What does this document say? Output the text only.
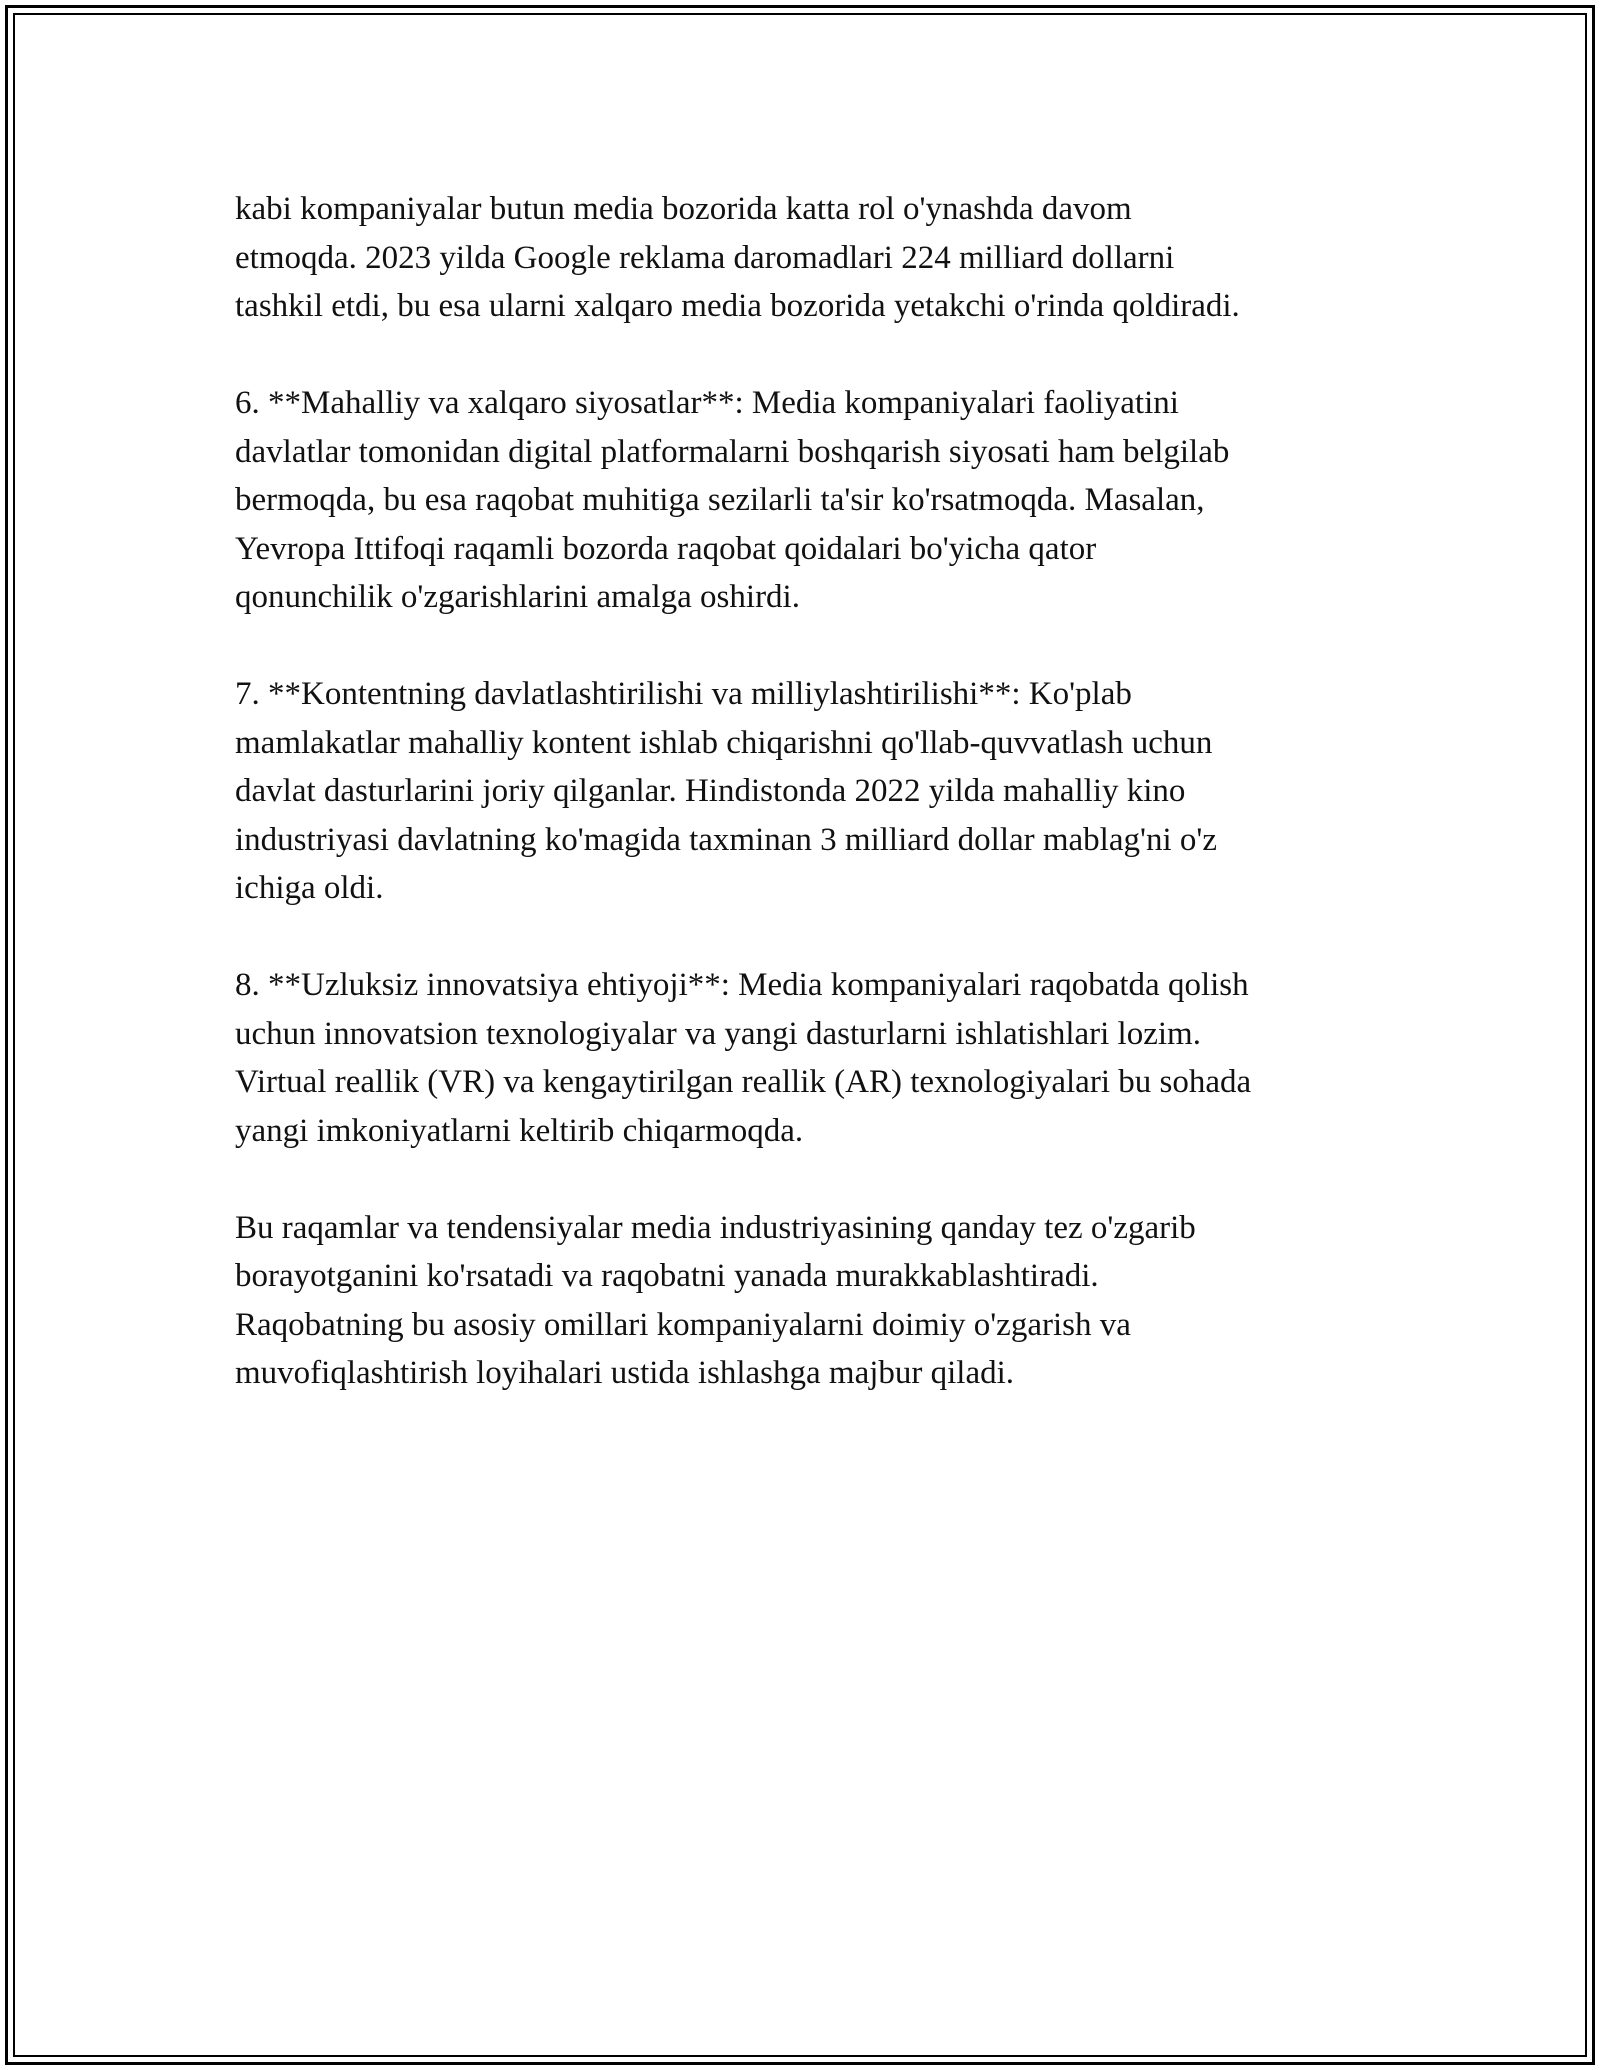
kabi kompaniyalar butun media bozorida katta rol o'ynashda davom
etmoqda. 2023 yilda Google reklama daromadlari 224 milliard dollarni
tashkil etdi, bu esa ularni xalqaro media bozorida yetakchi o'rinda qoldiradi.

6. **Mahalliy va xalqaro siyosatlar**: Media kompaniyalari faoliyatini
davlatlar tomonidan digital platformalarni boshqarish siyosati ham belgilab
bermoqda, bu esa raqobat muhitiga sezilarli ta'sir ko'rsatmoqda. Masalan,
Yevropa Ittifoqi raqamli bozorda raqobat qoidalari bo'yicha qator
qonunchilik o'zgarishlarini amalga oshirdi.

7. **Kontentning davlatlashtirilishi va milliylashtirilishi**: Ko'plab
mamlakatlar mahalliy kontent ishlab chiqarishni qo'llab-quvvatlash uchun
davlat dasturlarini joriy qilganlar. Hindistonda 2022 yilda mahalliy kino
industriyasi davlatning ko'magida taxminan 3 milliard dollar mablag'ni o'z
ichiga oldi.

8. **Uzluksiz innovatsiya ehtiyoji**: Media kompaniyalari raqobatda qolish
uchun innovatsion texnologiyalar va yangi dasturlarni ishlatishlari lozim.
Virtual reallik (VR) va kengaytirilgan reallik (AR) texnologiyalari bu sohada
yangi imkoniyatlarni keltirib chiqarmoqda.

Bu raqamlar va tendensiyalar media industriyasining qanday tez o'zgarib
borayotganini ko'rsatadi va raqobatni yanada murakkablashtiradi.
Raqobatning bu asosiy omillari kompaniyalarni doimiy o'zgarish va
muvofiqlashtirish loyihalari ustida ishlashga majbur qiladi.
